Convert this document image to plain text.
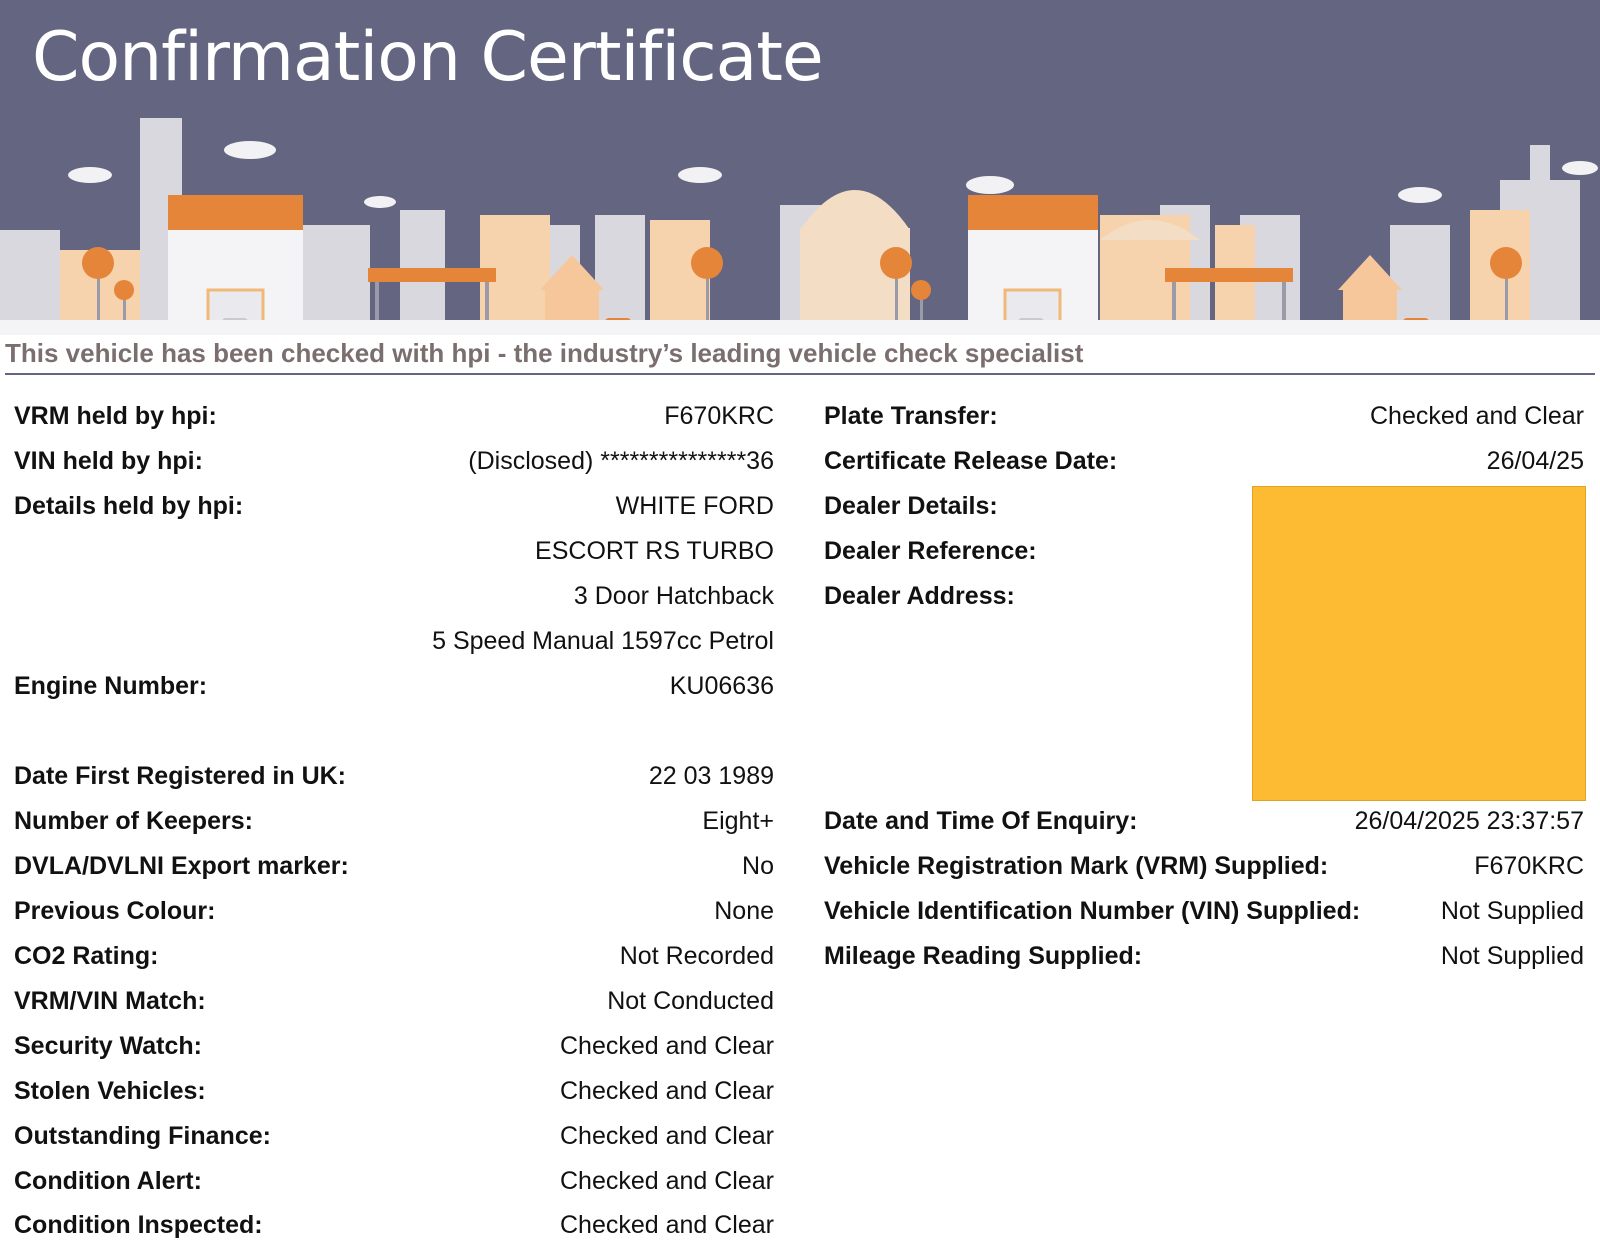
Confirmation Certificate
This vehicle has been checked with hpi - the industry’s leading vehicle check specialist
VRM held by hpi:	F670KRC
VIN held by hpi:	(Disclosed) ***************36
Details held by hpi:	WHITE FORD
ESCORT RS TURBO
3 Door Hatchback
5 Speed Manual 1597cc Petrol
Engine Number:	KU06636
Date First Registered in UK:	22 03 1989
Number of Keepers:	Eight+
DVLA/DVLNI Export marker:	No
Previous Colour:	None
CO2 Rating:	Not Recorded
VRM/VIN Match:	Not Conducted
Security Watch:	Checked and Clear
Stolen Vehicles:	Checked and Clear
Outstanding Finance:	Checked and Clear
Condition Alert:	Checked and Clear
Condition Inspected:	Checked and Clear
Plate Transfer:	Checked and Clear
Certificate Release Date:	26/04/25
Dealer Details:
Dealer Reference:
Dealer Address:
Date and Time Of Enquiry:	26/04/2025 23:37:57
Vehicle Registration Mark (VRM) Supplied:	F670KRC
Vehicle Identification Number (VIN) Supplied:	Not Supplied
Mileage Reading Supplied:	Not Supplied
